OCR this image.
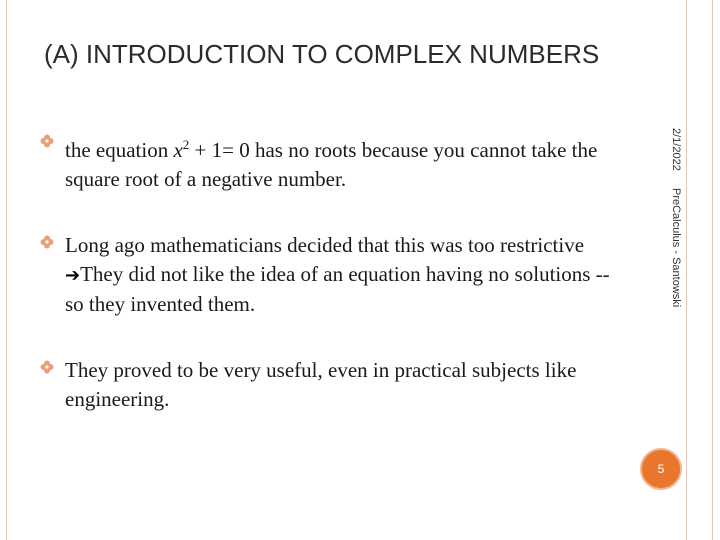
(A) INTRODUCTION TO COMPLEX NUMBERS
the equation $x^2 + 1= 0$ has no roots because you cannot take the square root of a negative number.
Long ago mathematicians decided that this was too restrictive ➔They did not like the idea of an equation having no solutions -- so they invented them.
They proved to be very useful, even in practical subjects like engineering.
2/1/2022
PreCalculus - Santowski
5
